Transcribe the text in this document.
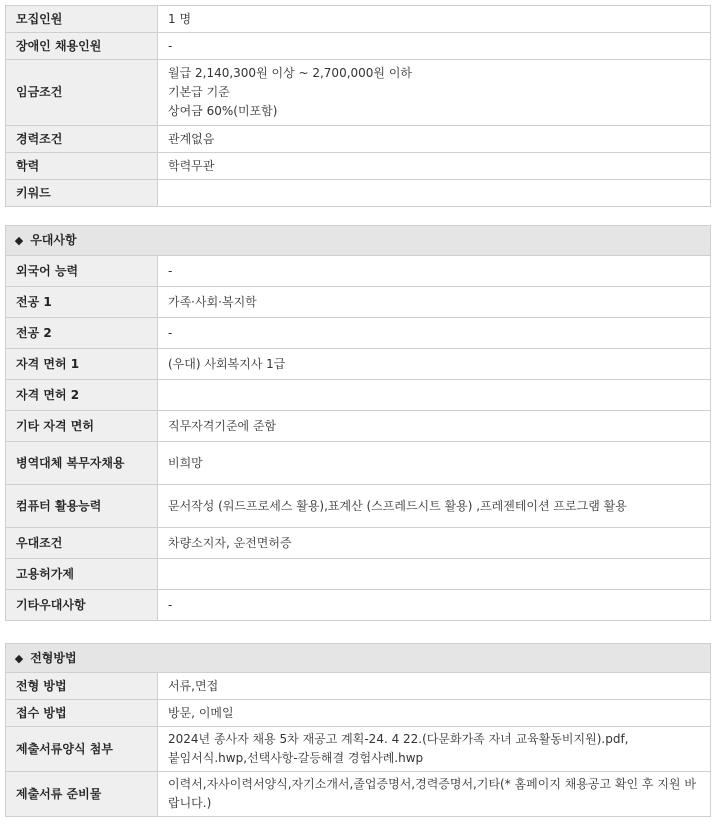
모집인원	1 명
장애인 채용인원	-
임금조건	월급 2,140,300원 이상 ~ 2,700,000원 이하
기본급 기준
상여금 60%(미포함)

경력조건	관계없음
학력	학력무관
키워드	
◆ 우대사항
외국어 능력	-
전공 1	가족·사회·복지학
전공 2	-
자격 면허 1	(우대) 사회복지사 1급
자격 면허 2	
기타 자격 면허	직무자격기준에 준함
병역대체 복무자채용	비희망
컴퓨터 활용능력	문서작성 (워드프로세스 활용),표계산 (스프레드시트 활용) ,프레젠테이션 프로그램 활용
우대조건	차량소지자, 운전면허증
고용허가제	
기타우대사항	-
◆ 전형방법
전형 방법	서류,면접
접수 방법	방문, 이메일
제출서류양식 첨부	2024년 종사자 채용 5차 재공고 계획-24. 4 22.(다문화가족 자녀 교육활동비지원).pdf,
붙임서식.hwp,선택사항-갈등해결 경험사례.hwp

제출서류 준비물	이력서,자사이력서양식,자기소개서,졸업증명서,경력증명서,기타(* 홈페이지 채용공고 확인 후 지원 바랍니다.)
